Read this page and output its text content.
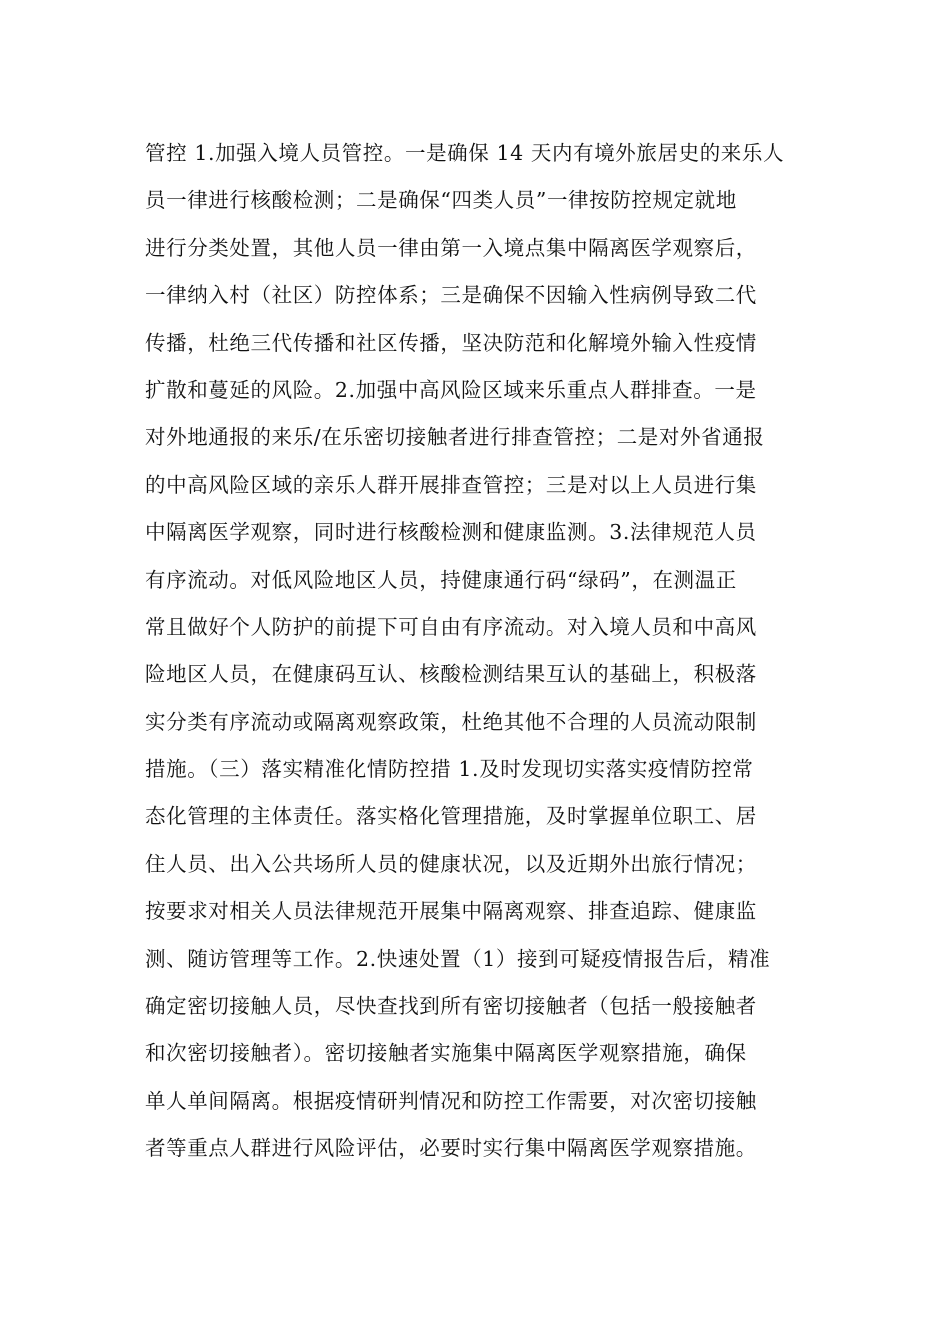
管控 1.加强入境人员管控。一是确保 14 天内有境外旅居史的来乐人
员一律进行核酸检测；二是确保“四类人员”一律按防控规定就地
进行分类处置，其他人员一律由第一入境点集中隔离医学观察后，
一律纳入村（社区）防控体系；三是确保不因输入性病例导致二代
传播，杜绝三代传播和社区传播，坚决防范和化解境外输入性疫情
扩散和蔓延的风险。2.加强中高风险区域来乐重点人群排查。一是
对外地通报的来乐/在乐密切接触者进行排查管控；二是对外省通报
的中高风险区域的亲乐人群开展排查管控；三是对以上人员进行集
中隔离医学观察，同时进行核酸检测和健康监测。3.法律规范人员
有序流动。对低风险地区人员，持健康通行码“绿码”，在测温正
常且做好个人防护的前提下可自由有序流动。对入境人员和中高风
险地区人员，在健康码互认、核酸检测结果互认的基础上，积极落
实分类有序流动或隔离观察政策，杜绝其他不合理的人员流动限制
措施。（三）落实精准化情防控措 1.及时发现切实落实疫情防控常
态化管理的主体责任。落实格化管理措施，及时掌握单位职工、居
住人员、出入公共场所人员的健康状况，以及近期外出旅行情况；
按要求对相关人员法律规范开展集中隔离观察、排查追踪、健康监
测、随访管理等工作。2.快速处置（1）接到可疑疫情报告后，精准
确定密切接触人员，尽快查找到所有密切接触者（包括一般接触者
和次密切接触者）。密切接触者实施集中隔离医学观察措施，确保
单人单间隔离。根据疫情研判情况和防控工作需要，对次密切接触
者等重点人群进行风险评估，必要时实行集中隔离医学观察措施。
